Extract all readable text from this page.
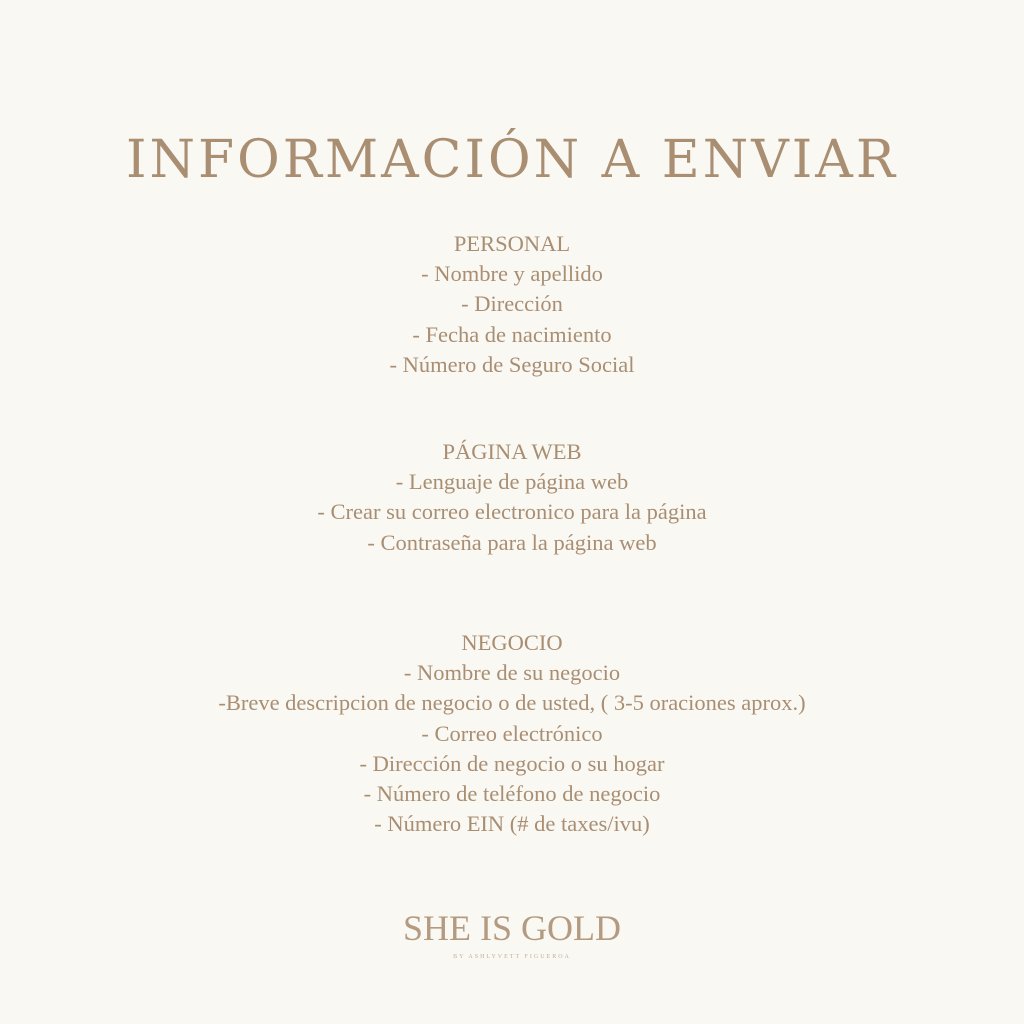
INFORMACIÓN A ENVIAR
PERSONAL
- Nombre y apellido
- Dirección
- Fecha de nacimiento
- Número de Seguro Social
PÁGINA WEB
- Lenguaje de página web
- Crear su correo electronico para la página
- Contraseña para la página web
NEGOCIO
- Nombre de su negocio
-Breve descripcion de negocio o de usted, ( 3-5 oraciones aprox.)
- Correo electrónico
- Dirección de negocio o su hogar
- Número de teléfono de negocio
- Número EIN (# de taxes/ivu)
SHE IS GOLD
BY ASHLYVETT FIGUEROA
